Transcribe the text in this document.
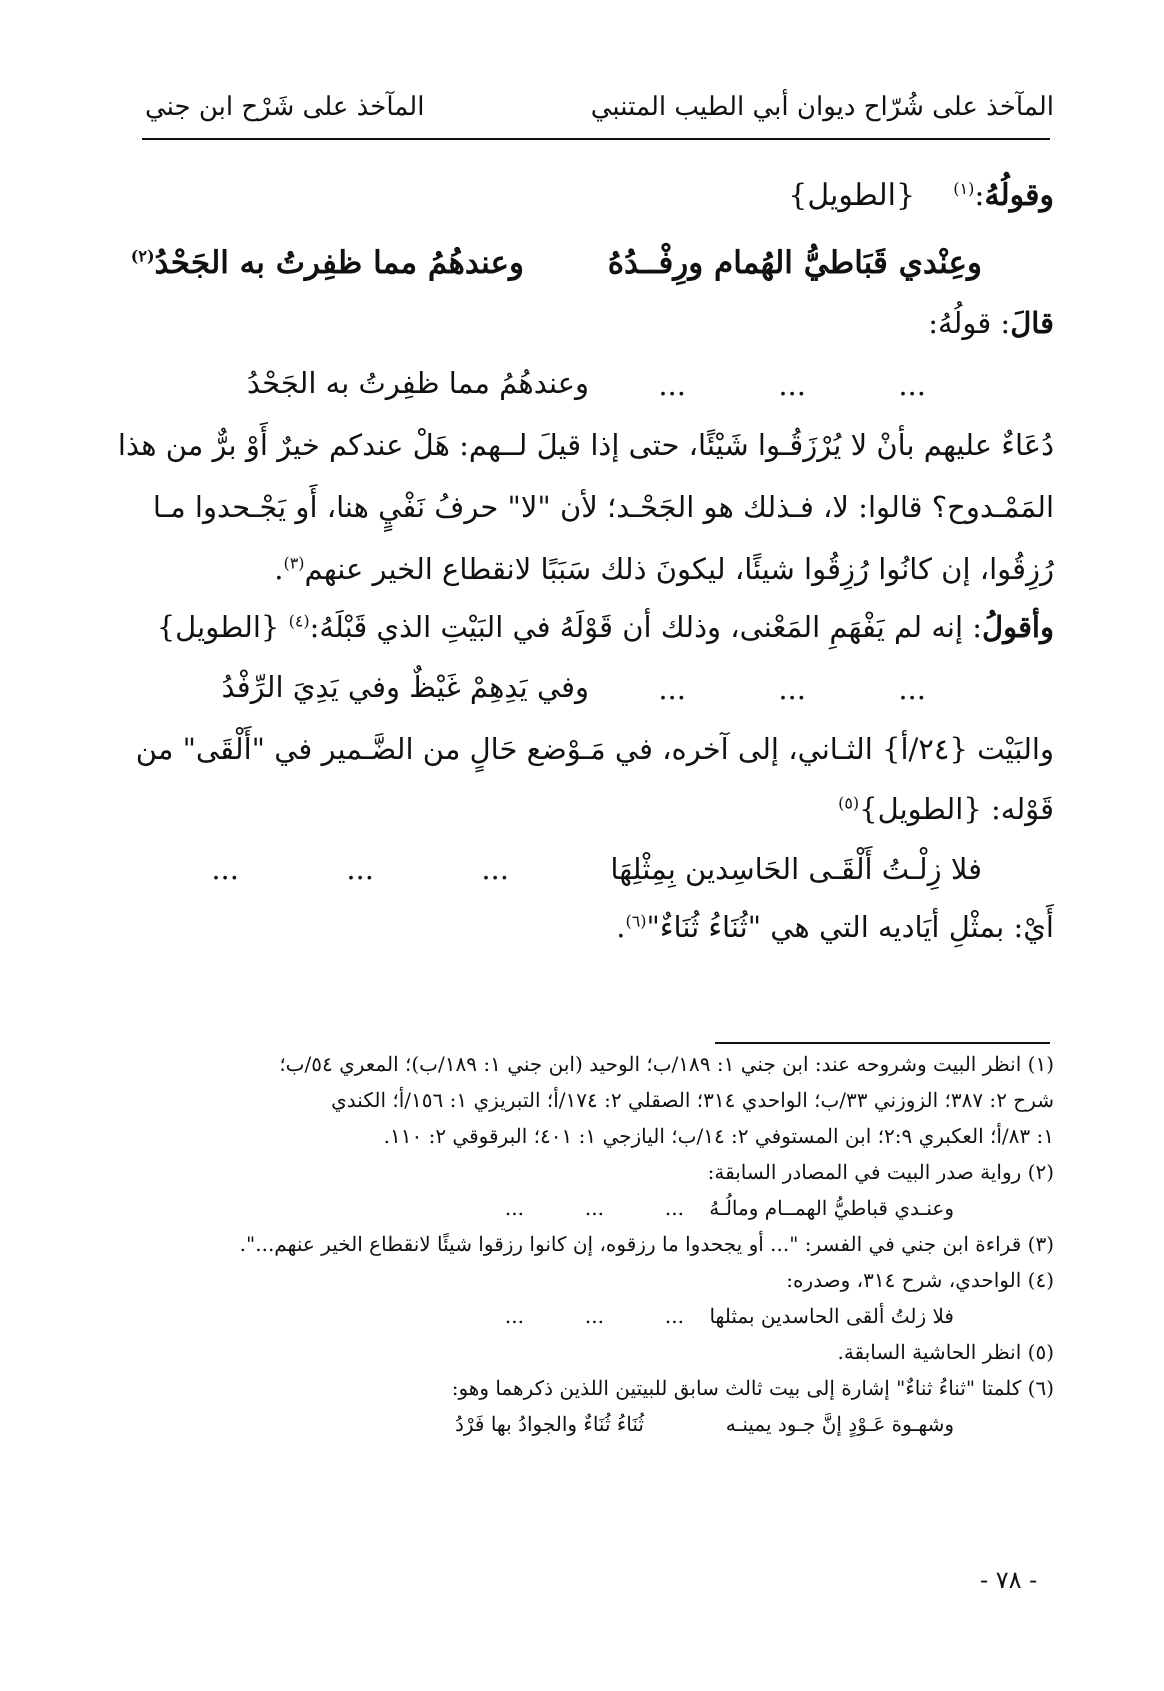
المآخذ على شُرّاح ديوان أبي الطيب المتنبي
المآخذ على شَرْح ابن جني
وقولُهُ:$^{(١)}$    {الطويل}
وعِنْدي قَبَاطيُّ الهُمام ورِفْــدُهُ
وعندهُمُ مما ظفِرتُ به الجَحْدُ$^{(٢)}$
قالَ: قولُهُ:
...
...
...
وعندهُمُ مما ظفِرتُ به الجَحْدُ
دُعَاءٌ عليهم بأنْ لا يُرْزَقُـوا شَيْئًا، حتى إذا قيلَ لــهم: هَلْ عندكم خيرٌ أَوْ برٌّ من هذا
المَمْـدوح؟ قالوا: لا، فـذلك هو الجَحْـد؛ لأن "لا" حرفُ نَفْيٍ هنا، أَو يَجْـحدوا مـا
رُزِقُوا، إن كانُوا رُزِقُوا شيئًا، ليكونَ ذلك سَبَبًا لانقطاع الخير عنهم$^{(٣)}$.
وأقولُ: إنه لم يَفْهَمِ المَعْنى، وذلك أن قَوْلَهُ في البَيْتِ الذي قَبْلَهُ:$^{(٤)}$ {الطويل}
...
...
...
وفي يَدِهِمْ غَيْظٌ وفي يَدِيَ الرِّفْدُ
والبَيْت {٢٤/أ} الثـاني، إلى آخره، في مَـوْضع حَالٍ من الضَّـمير في "أَلْقَى" من
قَوْله: {الطويل}$^{(٥)}$
فلا زِلْـتُ أَلْقَـى الحَاسِدين بِمِثْلِهَا
...
...
...
أَيْ: بمثْلِ أيَاديه التي هي "ثُنَاءُ ثُنَاءٌ"$^{(٦)}$.
(١) انظر البيت وشروحه عند: ابن جني ١: ١٨٩/ب؛ الوحيد (ابن جني ١: ١٨٩/ب)؛ المعري ٥٤/ب؛
شرح ٢: ٣٨٧؛ الزوزني ٣٣/ب؛ الواحدي ٣١٤؛ الصقلي ٢: ١٧٤/أ؛ التبريزي ١: ١٥٦/أ؛ الكندي
١: ٨٣/أ؛ العكبري ٢:٩؛ ابن المستوفي ٢: ١٤/ب؛ اليازجي ١: ٤٠١؛ البرقوقي ٢: ١١٠.
(٢) رواية صدر البيت في المصادر السابقة:
وعنـدي قباطيُّ الهمــام ومالُـهُ
...
...
...
(٣) قراءة ابن جني في الفسر: "... أو يجحدوا ما رزقوه، إن كانوا رزقوا شيئًا لانقطاع الخير عنهم...".
(٤) الواحدي، شرح ٣١٤، وصدره:
فلا زلتُ ألقى الحاسدين بمثلها
...
...
...
(٥) انظر الحاشية السابقة.
(٦) كلمتا "ثناءُ ثناءٌ" إشارة إلى بيت ثالث سابق للبيتين اللذين ذكرهما وهو:
وشهـوة عَـوْدٍ إنَّ جـود يمينـه
ثُنَاءُ ثُنَاءٌ والجوادُ بها فَرْدُ
- ٧٨ -
